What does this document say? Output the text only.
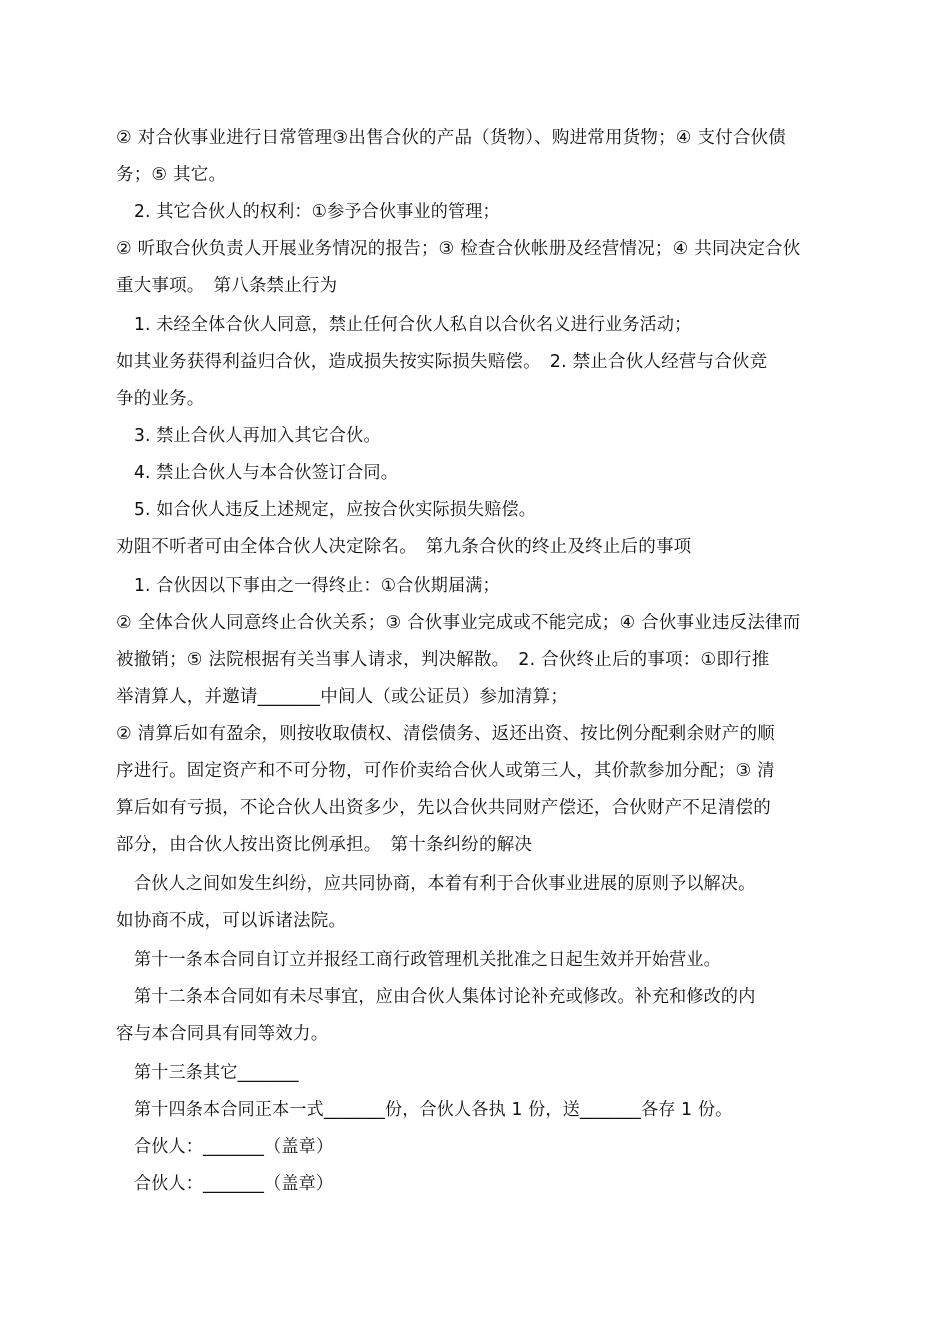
② 对合伙事业进行日常管理③出售合伙的产品（货物）、购进常用货物；④ 支付合伙债
务；⑤ 其它。
2. 其它合伙人的权利：①参予合伙事业的管理；
② 听取合伙负责人开展业务情况的报告；③ 检查合伙帐册及经营情况；④ 共同决定合伙
重大事项。　第八条禁止行为
1. 未经全体合伙人同意，禁止任何合伙人私自以合伙名义进行业务活动；
如其业务获得利益归合伙，造成损失按实际损失赔偿。　2. 禁止合伙人经营与合伙竞
争的业务。
3. 禁止合伙人再加入其它合伙。
4. 禁止合伙人与本合伙签订合同。
5. 如合伙人违反上述规定，应按合伙实际损失赔偿。
劝阻不听者可由全体合伙人决定除名。　第九条合伙的终止及终止后的事项
1. 合伙因以下事由之一得终止：①合伙期届满；
② 全体合伙人同意终止合伙关系；③ 合伙事业完成或不能完成；④ 合伙事业违反法律而
被撤销；⑤ 法院根据有关当事人请求，判决解散。　2. 合伙终止后的事项：①即行推
举清算人，并邀请_______中间人（或公证员）参加清算；
② 清算后如有盈余，则按收取债权、清偿债务、返还出资、按比例分配剩余财产的顺
序进行。固定资产和不可分物，可作价卖给合伙人或第三人，其价款参加分配；③ 清
算后如有亏损，不论合伙人出资多少，先以合伙共同财产偿还，合伙财产不足清偿的
部分，由合伙人按出资比例承担。　第十条纠纷的解决
合伙人之间如发生纠纷，应共同协商，本着有利于合伙事业进展的原则予以解决。
如协商不成，可以诉诸法院。
第十一条本合同自订立并报经工商行政管理机关批准之日起生效并开始营业。
第十二条本合同如有未尽事宜，应由合伙人集体讨论补充或修改。补充和修改的内
容与本合同具有同等效力。
第十三条其它_______
第十四条本合同正本一式_______份，合伙人各执 1 份，送_______各存 1 份。
合伙人：_______（盖章）
合伙人：_______（盖章）
